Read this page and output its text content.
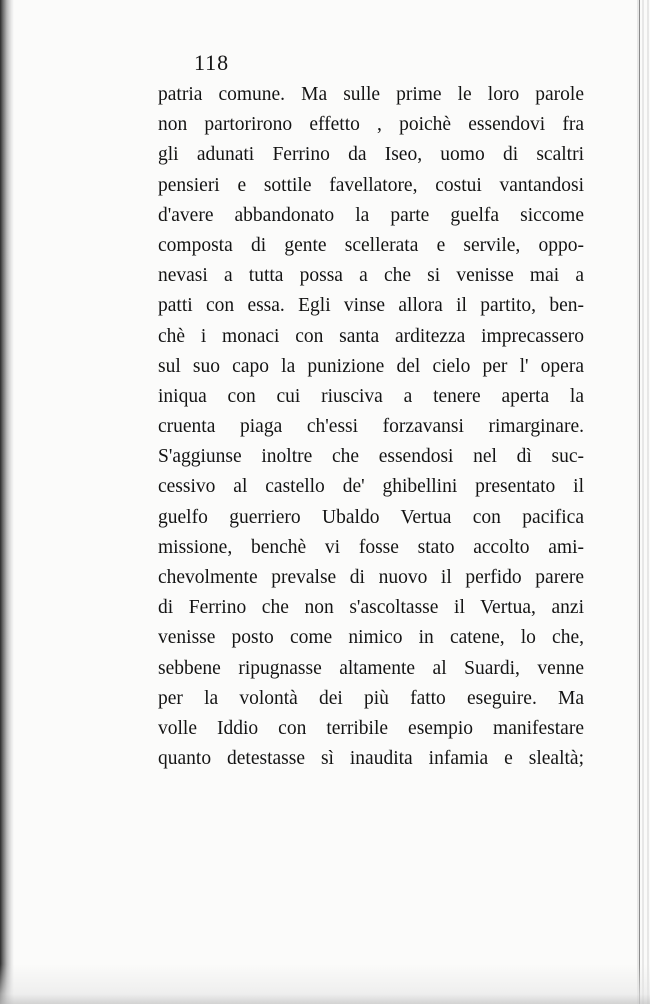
118
patria comune. Ma sulle prime le loro parole
non partorirono effetto , poichè essendovi fra
gli adunati Ferrino da Iseo, uomo di scaltri
pensieri e sottile favellatore, costui vantandosi
d'avere abbandonato la parte guelfa siccome
composta di gente scellerata e servile, oppo-
nevasi a tutta possa a che si venisse mai a
patti con essa. Egli vinse allora il partito, ben-
chè i monaci con santa arditezza imprecassero
sul suo capo la punizione del cielo per l' opera
iniqua con cui riusciva a tenere aperta la
cruenta piaga ch'essi forzavansi rimarginare.
S'aggiunse inoltre che essendosi nel dì suc-
cessivo al castello de' ghibellini presentato il
guelfo guerriero Ubaldo Vertua con pacifica
missione, benchè vi fosse stato accolto ami-
chevolmente prevalse di nuovo il perfido parere
di Ferrino che non s'ascoltasse il Vertua, anzi
venisse posto come nimico in catene, lo che,
sebbene ripugnasse altamente al Suardi, venne
per la volontà dei più fatto eseguire. Ma
volle Iddio con terribile esempio manifestare
quanto detestasse sì inaudita infamia e slealtà;
